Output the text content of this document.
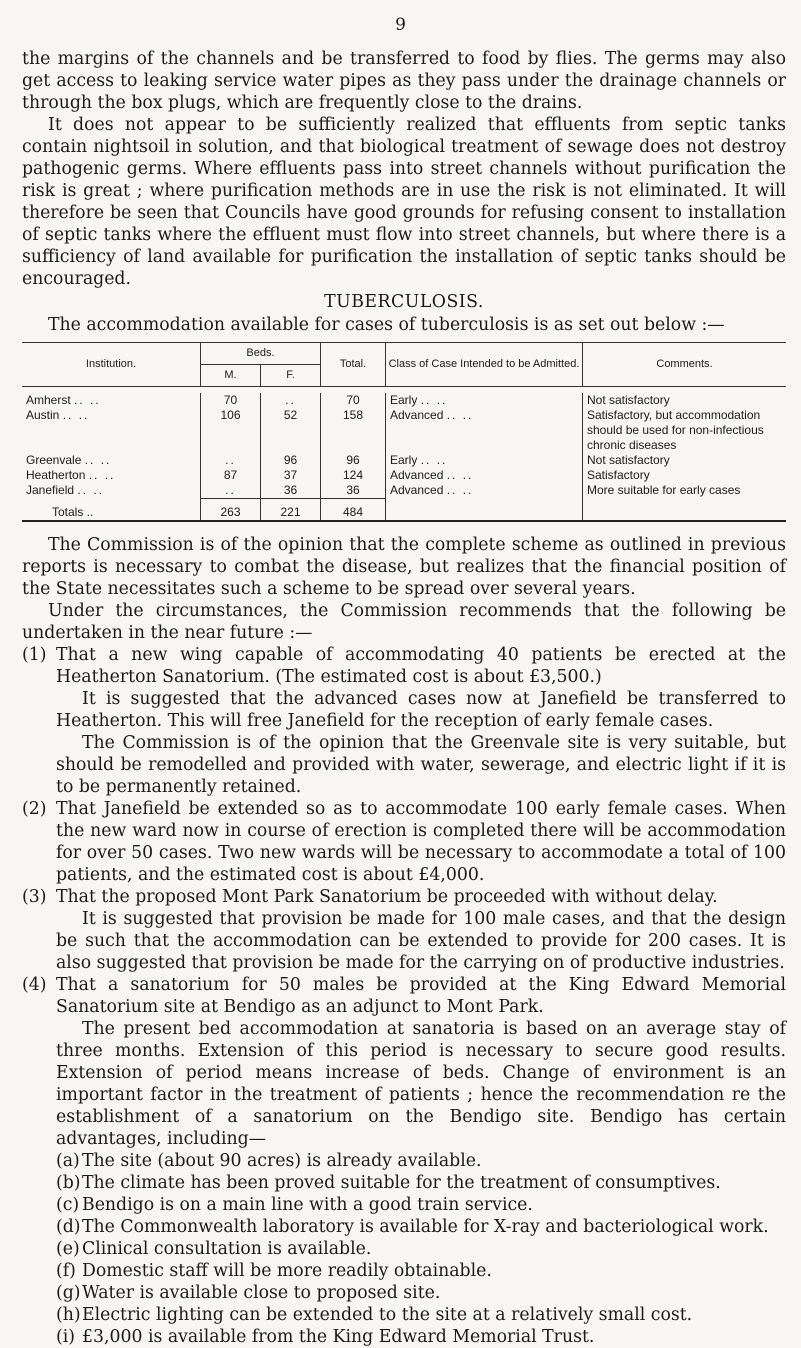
9

the margins of the channels and be transferred to food by flies. The germs may also get access to leaking service water pipes as they pass under the drainage channels or through the box plugs, which are frequently close to the drains.

It does not appear to be sufficiently realized that effluents from septic tanks contain nightsoil in solution, and that biological treatment of sewage does not destroy pathogenic germs. Where effluents pass into street channels without purification the risk is great ; where purification methods are in use the risk is not eliminated. It will therefore be seen that Councils have good grounds for refusing consent to installation of septic tanks where the effluent must flow into street channels, but where there is a sufficiency of land available for purification the installation of septic tanks should be encouraged.

TUBERCULOSIS.

The accommodation available for cases of tuberculosis is as set out below :—

Institution.	Beds.		Total.	Class of Case Intended to be Admitted.	Comments.
	M.	F.			

Amherst .. ..	70	..	70	Early .. ..	Not satisfactory
Austin .. ..	106	52	158	Advanced .. ..	Satisfactory, but accommodation should be used for non-infectious chronic diseases
Greenvale .. ..	..	96	96	Early .. ..	Not satisfactory
Heatherton .. ..	87	37	124	Advanced .. ..	Satisfactory
Janefield .. ..	..	36	36	Advanced .. ..	More suitable for early cases
Totals ..	263	221	484		

The Commission is of the opinion that the complete scheme as outlined in previous reports is necessary to combat the disease, but realizes that the financial position of the State necessitates such a scheme to be spread over several years.

Under the circumstances, the Commission recommends that the following be undertaken in the near future :—

(1) That a new wing capable of accommodating 40 patients be erected at the Heatherton Sanatorium. (The estimated cost is about £3,500.)

It is suggested that the advanced cases now at Janefield be transferred to Heatherton. This will free Janefield for the reception of early female cases.

The Commission is of the opinion that the Greenvale site is very suitable, but should be remodelled and provided with water, sewerage, and electric light if it is to be permanently retained.

(2) That Janefield be extended so as to accommodate 100 early female cases. When the new ward now in course of erection is completed there will be accommodation for over 50 cases. Two new wards will be necessary to accommodate a total of 100 patients, and the estimated cost is about £4,000.

(3) That the proposed Mont Park Sanatorium be proceeded with without delay.

It is suggested that provision be made for 100 male cases, and that the design be such that the accommodation can be extended to provide for 200 cases. It is also suggested that provision be made for the carrying on of productive industries.

(4) That a sanatorium for 50 males be provided at the King Edward Memorial Sanatorium site at Bendigo as an adjunct to Mont Park.

The present bed accommodation at sanatoria is based on an average stay of three months. Extension of this period is necessary to secure good results. Extension of period means increase of beds. Change of environment is an important factor in the treatment of patients ; hence the recommendation re the establishment of a sanatorium on the Bendigo site. Bendigo has certain advantages, including—

(a) The site (about 90 acres) is already available.
(b) The climate has been proved suitable for the treatment of consumptives.
(c) Bendigo is on a main line with a good train service.
(d) The Commonwealth laboratory is available for X-ray and bacteriological work.
(e) Clinical consultation is available.
(f) Domestic staff will be more readily obtainable.
(g) Water is available close to proposed site.
(h) Electric lighting can be extended to the site at a relatively small cost.
(i) £3,000 is available from the King Edward Memorial Trust.
